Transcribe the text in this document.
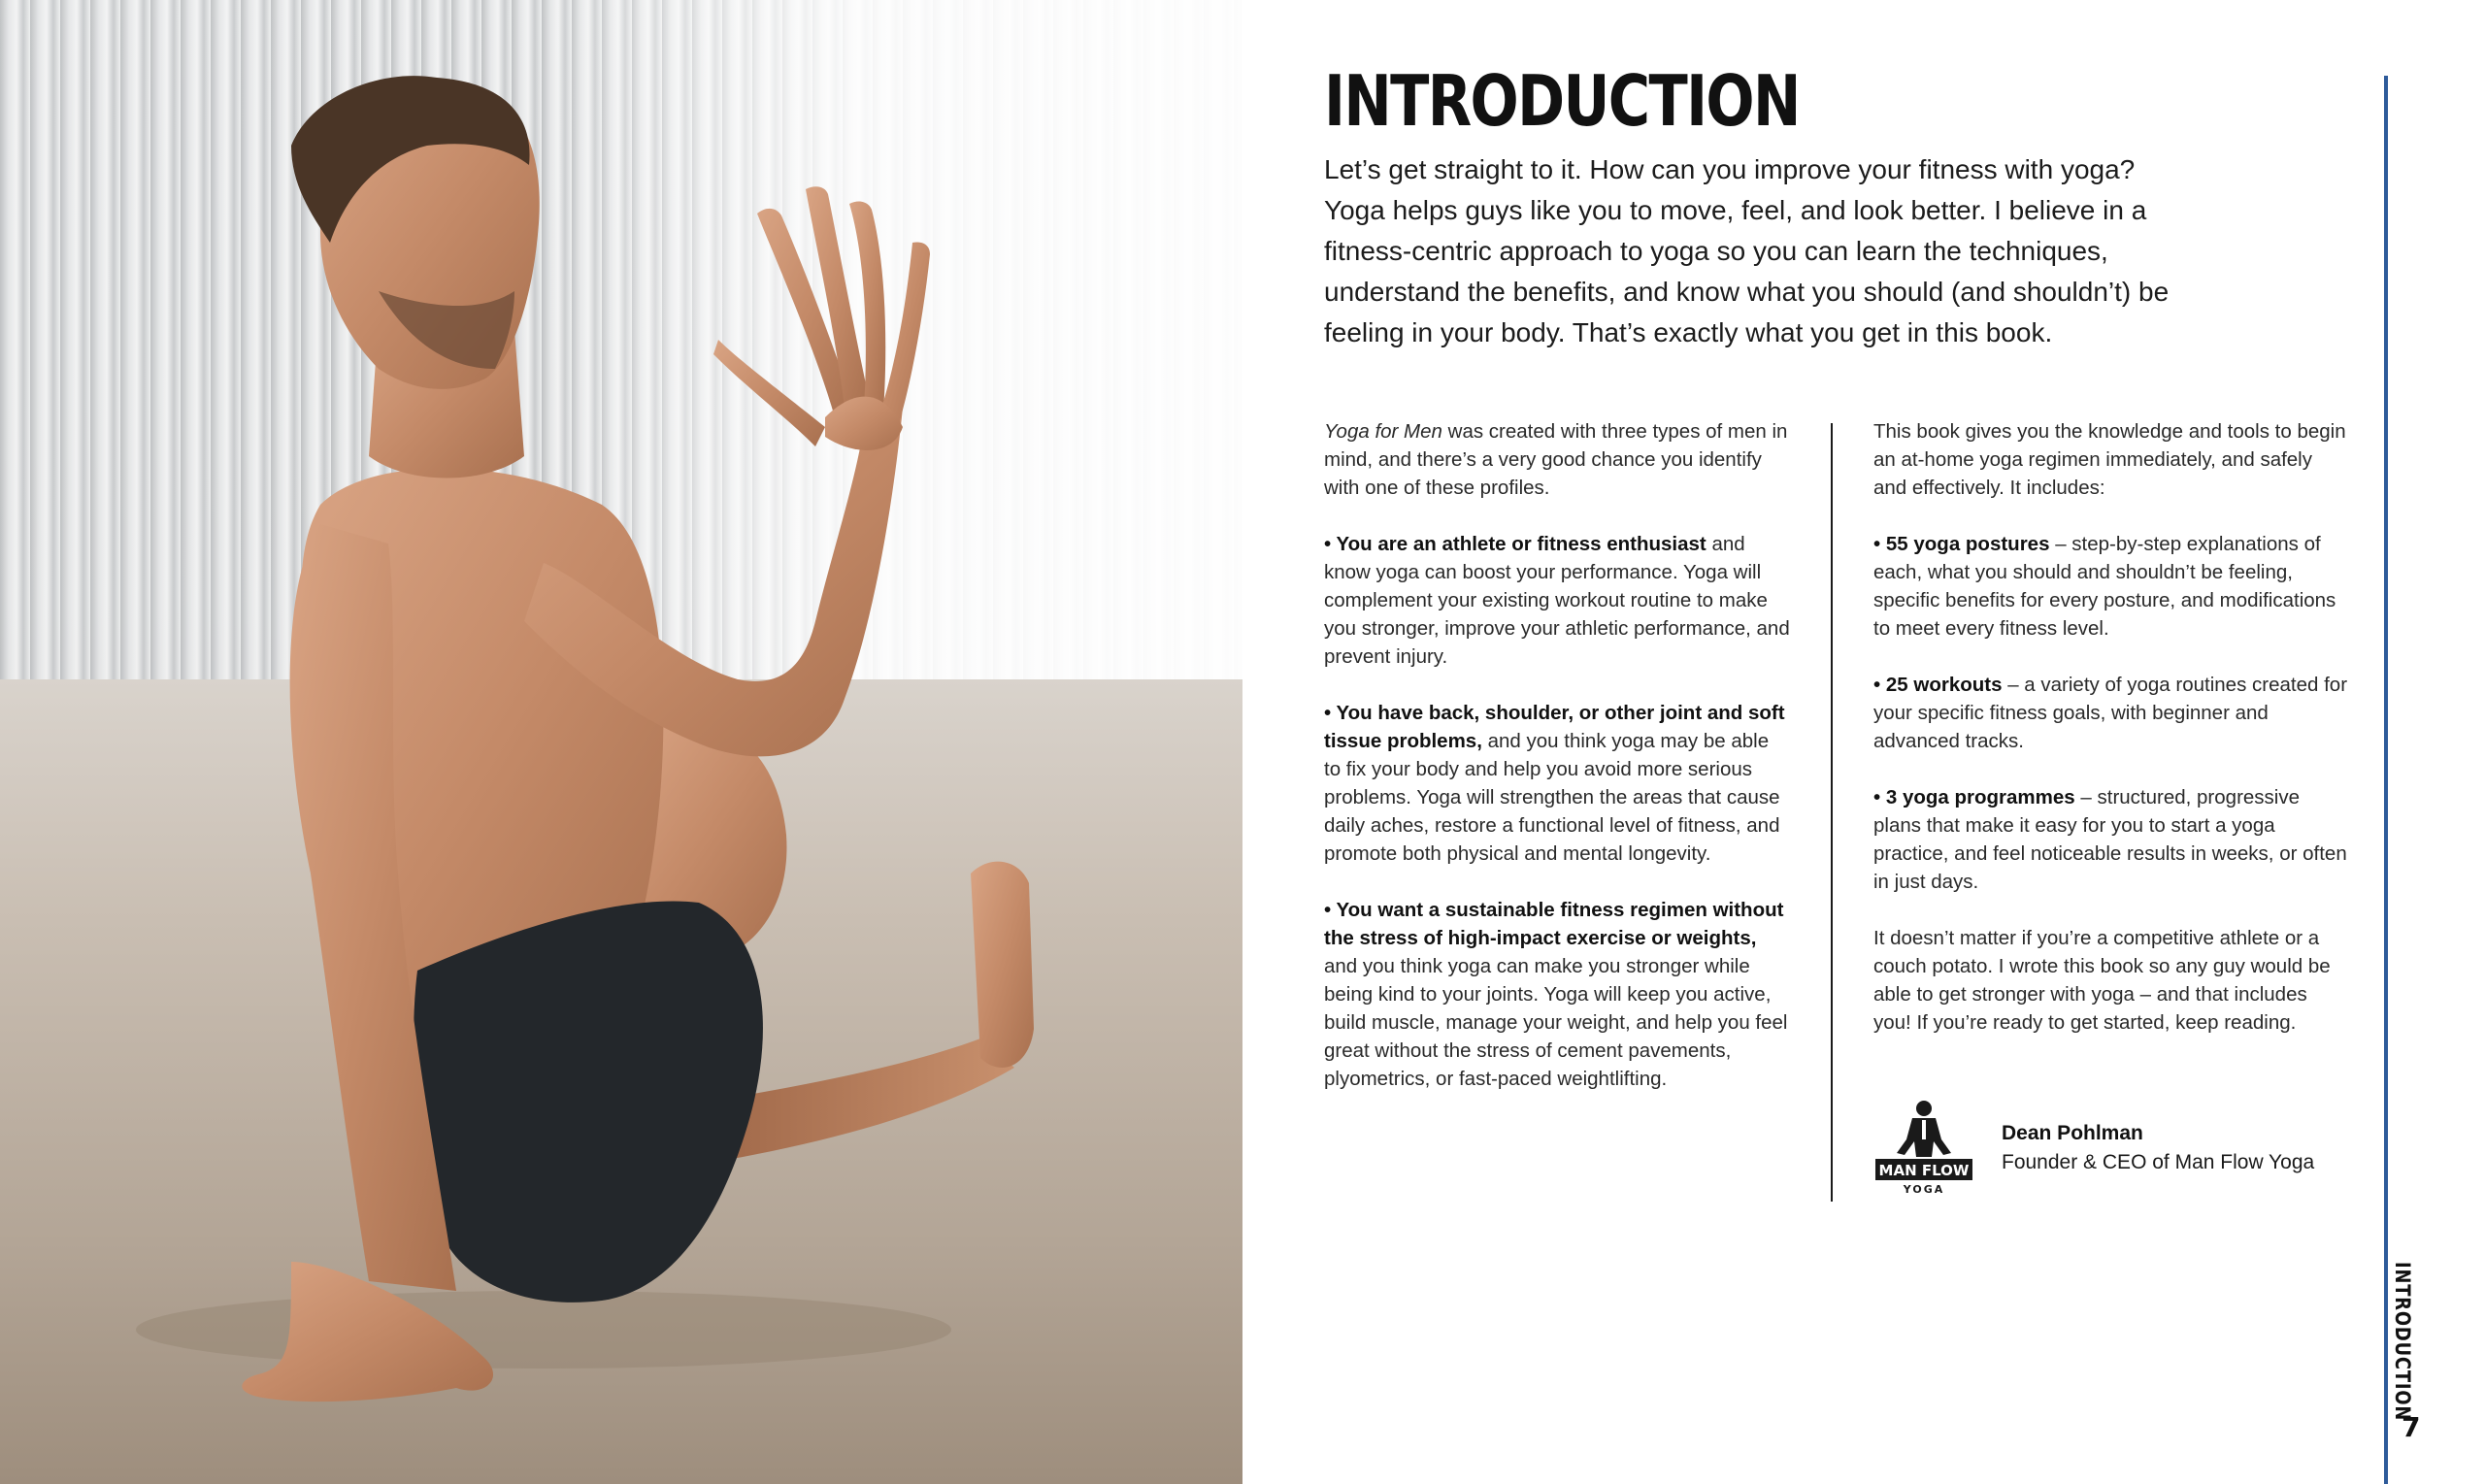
INTRODUCTION

Let’s get straight to it. How can you improve your fitness with yoga? Yoga helps guys like you to move, feel, and look better. I believe in a fitness-centric approach to yoga so you can learn the techniques, understand the benefits, and know what you should (and shouldn’t) be feeling in your body. That’s exactly what you get in this book.

Yoga for Men was created with three types of men in mind, and there’s a very good chance you identify with one of these profiles.

• You are an athlete or fitness enthusiast and know yoga can boost your performance. Yoga will complement your existing workout routine to make you stronger, improve your athletic performance, and prevent injury.

• You have back, shoulder, or other joint and soft tissue problems, and you think yoga may be able to fix your body and help you avoid more serious problems. Yoga will strengthen the areas that cause daily aches, restore a functional level of fitness, and promote both physical and mental longevity.

• You want a sustainable fitness regimen without the stress of high-impact exercise or weights, and you think yoga can make you stronger while being kind to your joints. Yoga will keep you active, build muscle, manage your weight, and help you feel great without the stress of cement pavements, plyometrics, or fast-paced weightlifting.

This book gives you the knowledge and tools to begin an at-home yoga regimen immediately, and safely and effectively. It includes:

• 55 yoga postures – step-by-step explanations of each, what you should and shouldn’t be feeling, specific benefits for every posture, and modifications to meet every fitness level.

• 25 workouts – a variety of yoga routines created for your specific fitness goals, with beginner and advanced tracks.

• 3 yoga programmes – structured, progressive plans that make it easy for you to start a yoga practice, and feel noticeable results in weeks, or often in just days.

It doesn’t matter if you’re a competitive athlete or a couch potato. I wrote this book so any guy would be able to get stronger with yoga – and that includes you! If you’re ready to get started, keep reading.

MAN FLOW
YOGA

Dean Pohlman

Founder & CEO of Man Flow Yoga

INTRODUCTION
7
